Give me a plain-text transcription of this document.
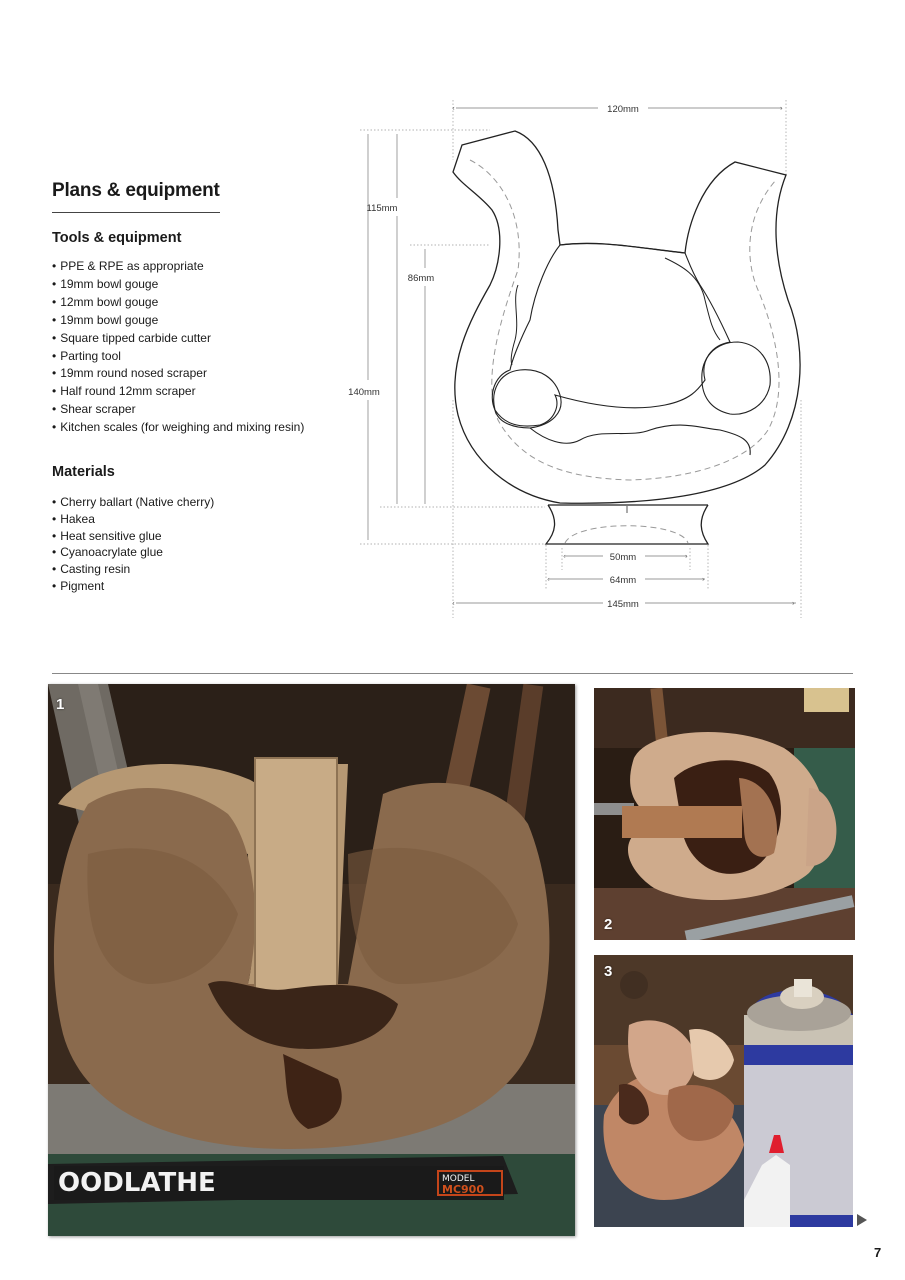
Plans & equipment
Tools & equipment
• PPE & RPE as appropriate
• 19mm bowl gouge
• 12mm bowl gouge
• 19mm bowl gouge
• Square tipped carbide cutter
• Parting tool
• 19mm round nosed scraper
• Half round 12mm scraper
• Shear scraper
• Kitchen scales (for weighing and mixing resin)
Materials
• Cherry ballart (Native cherry)
• Hakea
• Heat sensitive glue
• Cyanoacrylate glue
• Casting resin
• Pigment
‹	›
‹	›
‹	›
‹	›
120mm
115mm
86mm
140mm
50mm
64mm
145mm
OODLATHE	MODEL
MC900
1
2
3
7
